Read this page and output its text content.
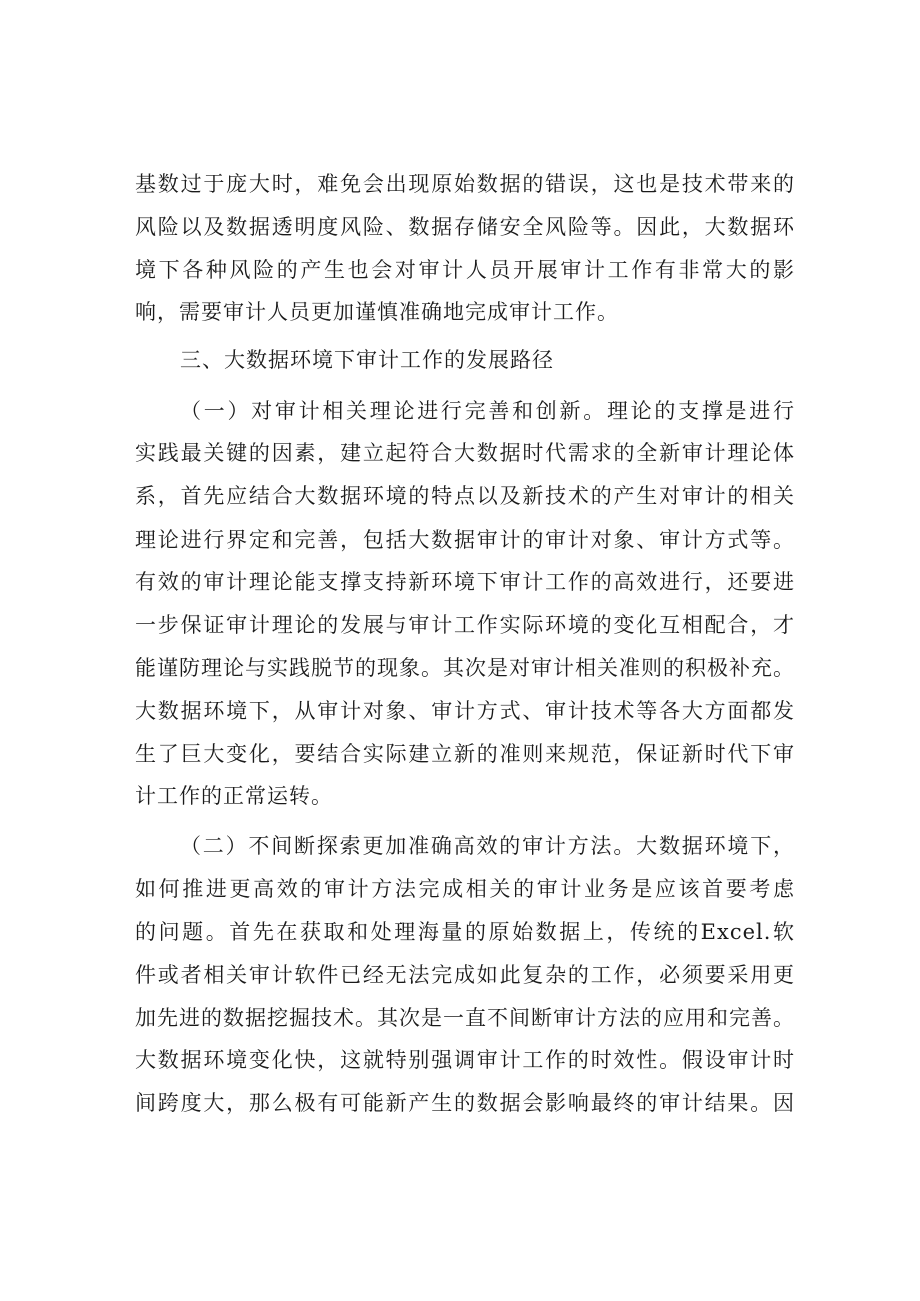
基数过于庞大时，难免会出现原始数据的错误，这也是技术带来的
风险以及数据透明度风险、数据存储安全风险等。因此，大数据环
境下各种风险的产生也会对审计人员开展审计工作有非常大的影
响，需要审计人员更加谨慎准确地完成审计工作。
三、大数据环境下审计工作的发展路径
（一）对审计相关理论进行完善和创新。理论的支撑是进行
实践最关键的因素，建立起符合大数据时代需求的全新审计理论体
系，首先应结合大数据环境的特点以及新技术的产生对审计的相关
理论进行界定和完善，包括大数据审计的审计对象、审计方式等。
有效的审计理论能支撑支持新环境下审计工作的高效进行，还要进
一步保证审计理论的发展与审计工作实际环境的变化互相配合，才
能谨防理论与实践脱节的现象。其次是对审计相关准则的积极补充。
大数据环境下，从审计对象、审计方式、审计技术等各大方面都发
生了巨大变化，要结合实际建立新的准则来规范，保证新时代下审
计工作的正常运转。
（二）不间断探索更加准确高效的审计方法。大数据环境下，
如何推进更高效的审计方法完成相关的审计业务是应该首要考虑
的问题。首先在获取和处理海量的原始数据上，传统的Excel.软
件或者相关审计软件已经无法完成如此复杂的工作，必须要采用更
加先进的数据挖掘技术。其次是一直不间断审计方法的应用和完善。
大数据环境变化快，这就特别强调审计工作的时效性。假设审计时
间跨度大，那么极有可能新产生的数据会影响最终的审计结果。因
